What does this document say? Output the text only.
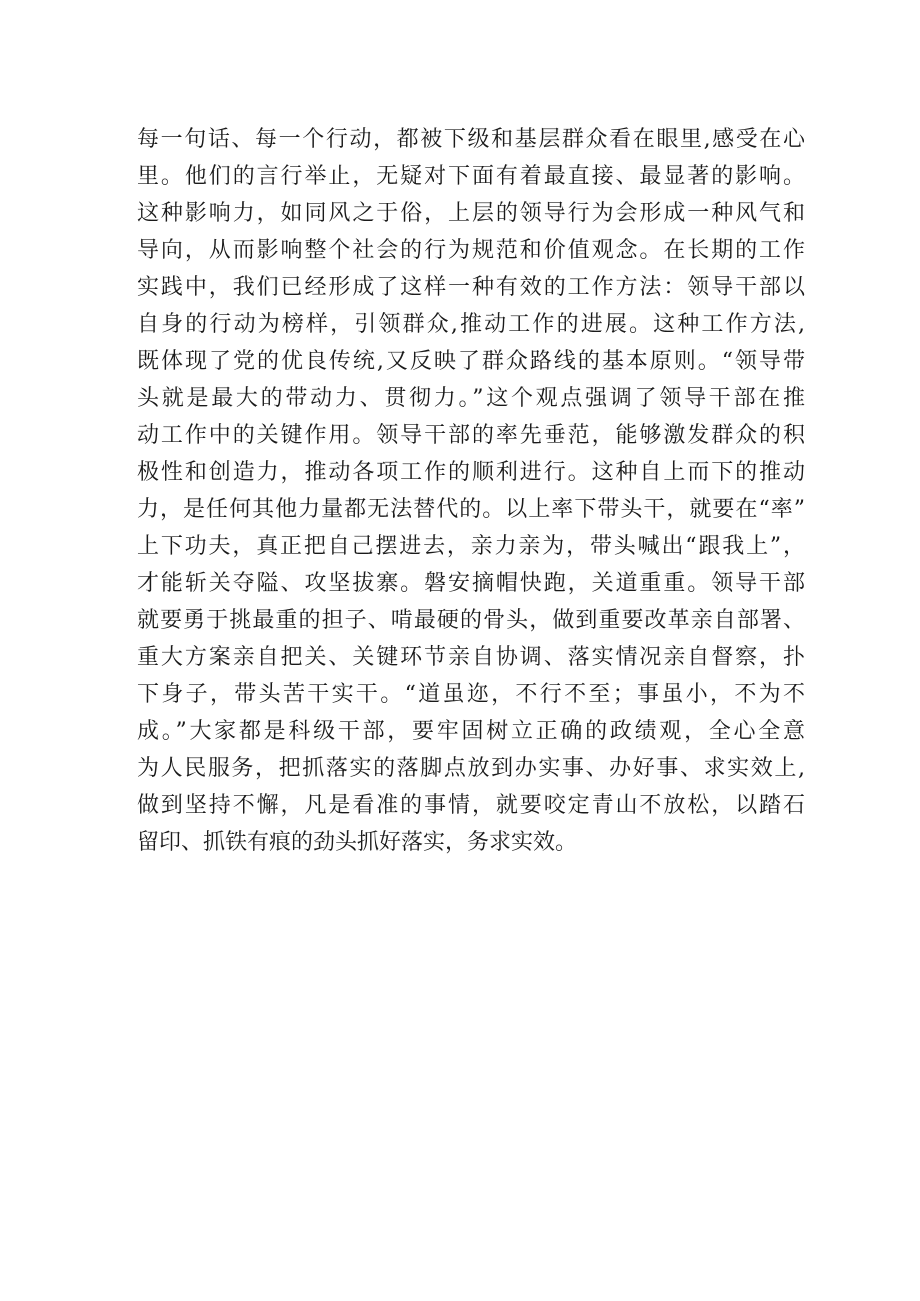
每一句话、每一个行动，都被下级和基层群众看在眼里,感受在心
里。他们的言行举止，无疑对下面有着最直接、最显著的影响。
这种影响力，如同风之于俗，上层的领导行为会形成一种风气和
导向，从而影响整个社会的行为规范和价值观念。在长期的工作
实践中，我们已经形成了这样一种有效的工作方法：领导干部以
自身的行动为榜样，引领群众,推动工作的进展。这种工作方法,
既体现了党的优良传统,又反映了群众路线的基本原则。“领导带
头就是最大的带动力、贯彻力。”这个观点强调了领导干部在推
动工作中的关键作用。领导干部的率先垂范，能够激发群众的积
极性和创造力，推动各项工作的顺利进行。这种自上而下的推动
力，是任何其他力量都无法替代的。以上率下带头干，就要在“率”
上下功夫，真正把自己摆进去，亲力亲为，带头喊出“跟我上”，
才能斩关夺隘、攻坚拔寨。磐安摘帽快跑，关道重重。领导干部
就要勇于挑最重的担子、啃最硬的骨头，做到重要改革亲自部署、
重大方案亲自把关、关键环节亲自协调、落实情况亲自督察，扑
下身子，带头苦干实干。“道虽迩，不行不至；事虽小，不为不
成。”大家都是科级干部，要牢固树立正确的政绩观，全心全意
为人民服务，把抓落实的落脚点放到办实事、办好事、求实效上,
做到坚持不懈，凡是看准的事情，就要咬定青山不放松，以踏石
留印、抓铁有痕的劲头抓好落实，务求实效。
